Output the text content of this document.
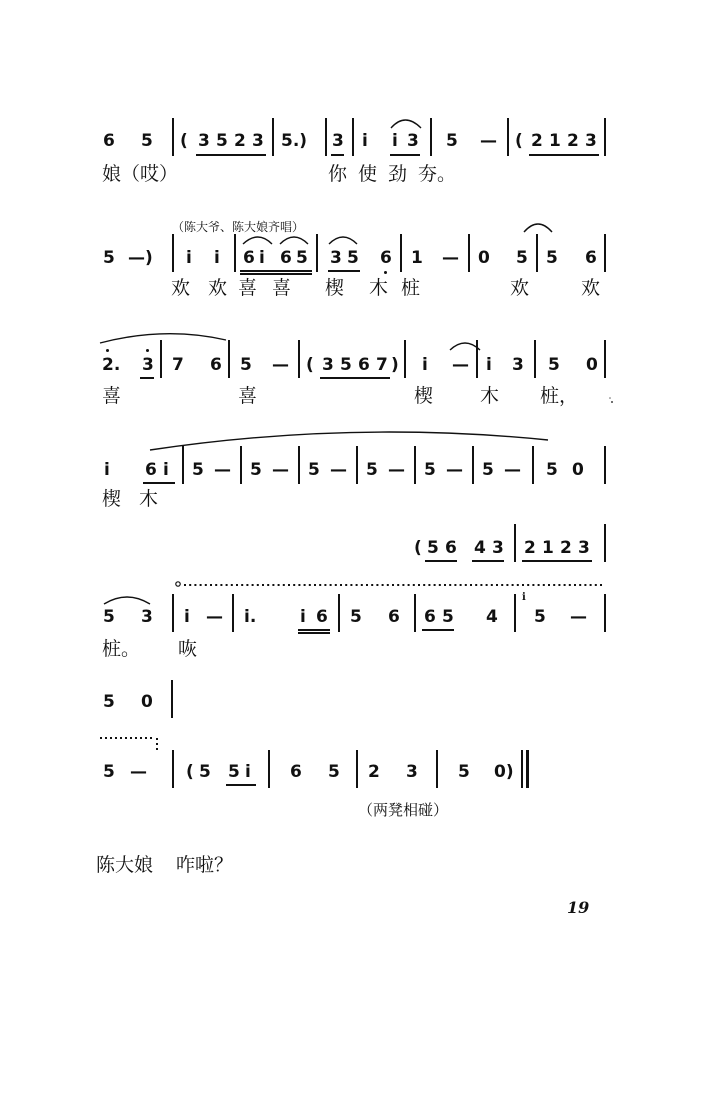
6 5 ( 3 5 2 3 5.) 3 i i 3 5 — ( 2 1 2 3
娘（哎）	你 使 劲 夯。
（陈大爷、陈大娘齐唱）
5 —) i i 6 i 6 5 3 5 6 1 — 0 5 5 6
欢 欢 喜 喜 楔 木 桩	欢	欢
2. 3 7 6 5 — ( 3 5 6 7 ) i — i 3 5 0
喜	喜	楔 木 桩，
i 6 i 5 — 5 — 5 — 5 — 5 — 5 — 5 0
楔 木
( 5 6 4 3 2 1 2 3
5 3 i — i.	i 6 5 6 6 5 4
i
5 —
桩。 咴
5 0
5 — ( 5 5 i 6 5 2 3 5 0)
（两凳相碰）
陈大娘 咋啦？
19
